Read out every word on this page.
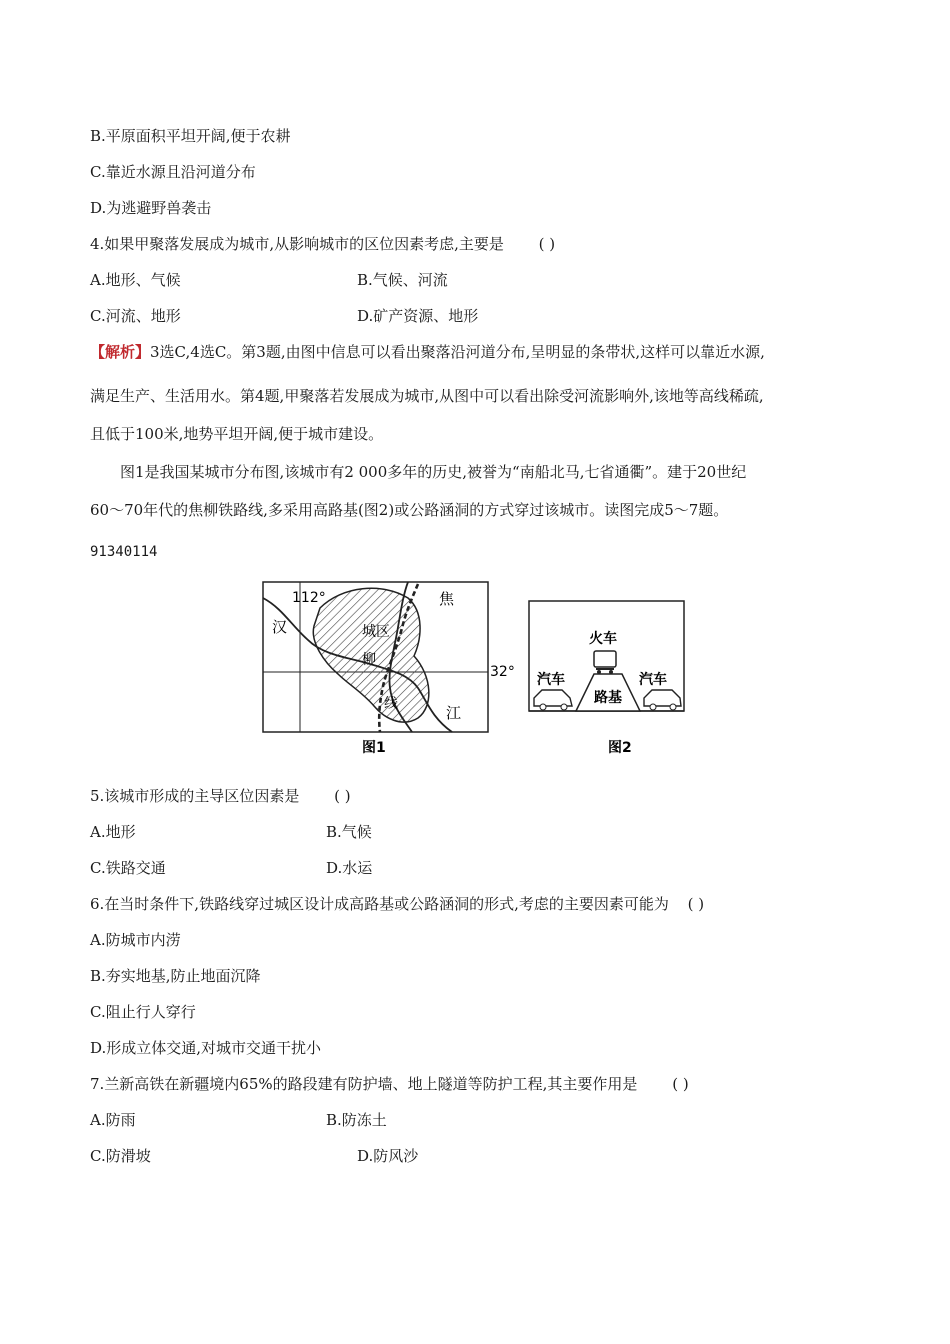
B.平原面积平坦开阔,便于农耕
C.靠近水源且沿河道分布
D.为逃避野兽袭击
4.如果甲聚落发展成为城市,从影响城市的区位因素考虑,主要是 ( )
A.地形、气候	B.气候、河流
C.河流、地形	D.矿产资源、地形
【解析】3选C,4选C。第3题,由图中信息可以看出聚落沿河道分布,呈明显的条带状,这样可以靠近水源,
满足生产、生活用水。第4题,甲聚落若发展成为城市,从图中可以看出除受河流影响外,该地等高线稀疏,
且低于100米,地势平坦开阔,便于城市建设。
图1是我国某城市分布图,该城市有2 000多年的历史,被誉为“南船北马,七省通衢”。建于20世纪
60～70年代的焦柳铁路线,多采用高路基(图2)或公路涵洞的方式穿过该城市。读图完成5～7题。
91340114
112°
32°
汉
江
城区
焦
柳
线
图1
火车
汽车	汽车
路基
图2
5.该城市形成的主导区位因素是 ( )
A.地形	B.气候
C.铁路交通	D.水运
6.在当时条件下,铁路线穿过城区设计成高路基或公路涵洞的形式,考虑的主要因素可能为 ( )
A.防城市内涝
B.夯实地基,防止地面沉降
C.阻止行人穿行
D.形成立体交通,对城市交通干扰小
7.兰新高铁在新疆境内65%的路段建有防护墙、地上隧道等防护工程,其主要作用是 ( )
A.防雨	B.防冻土
C.防滑坡	D.防风沙
